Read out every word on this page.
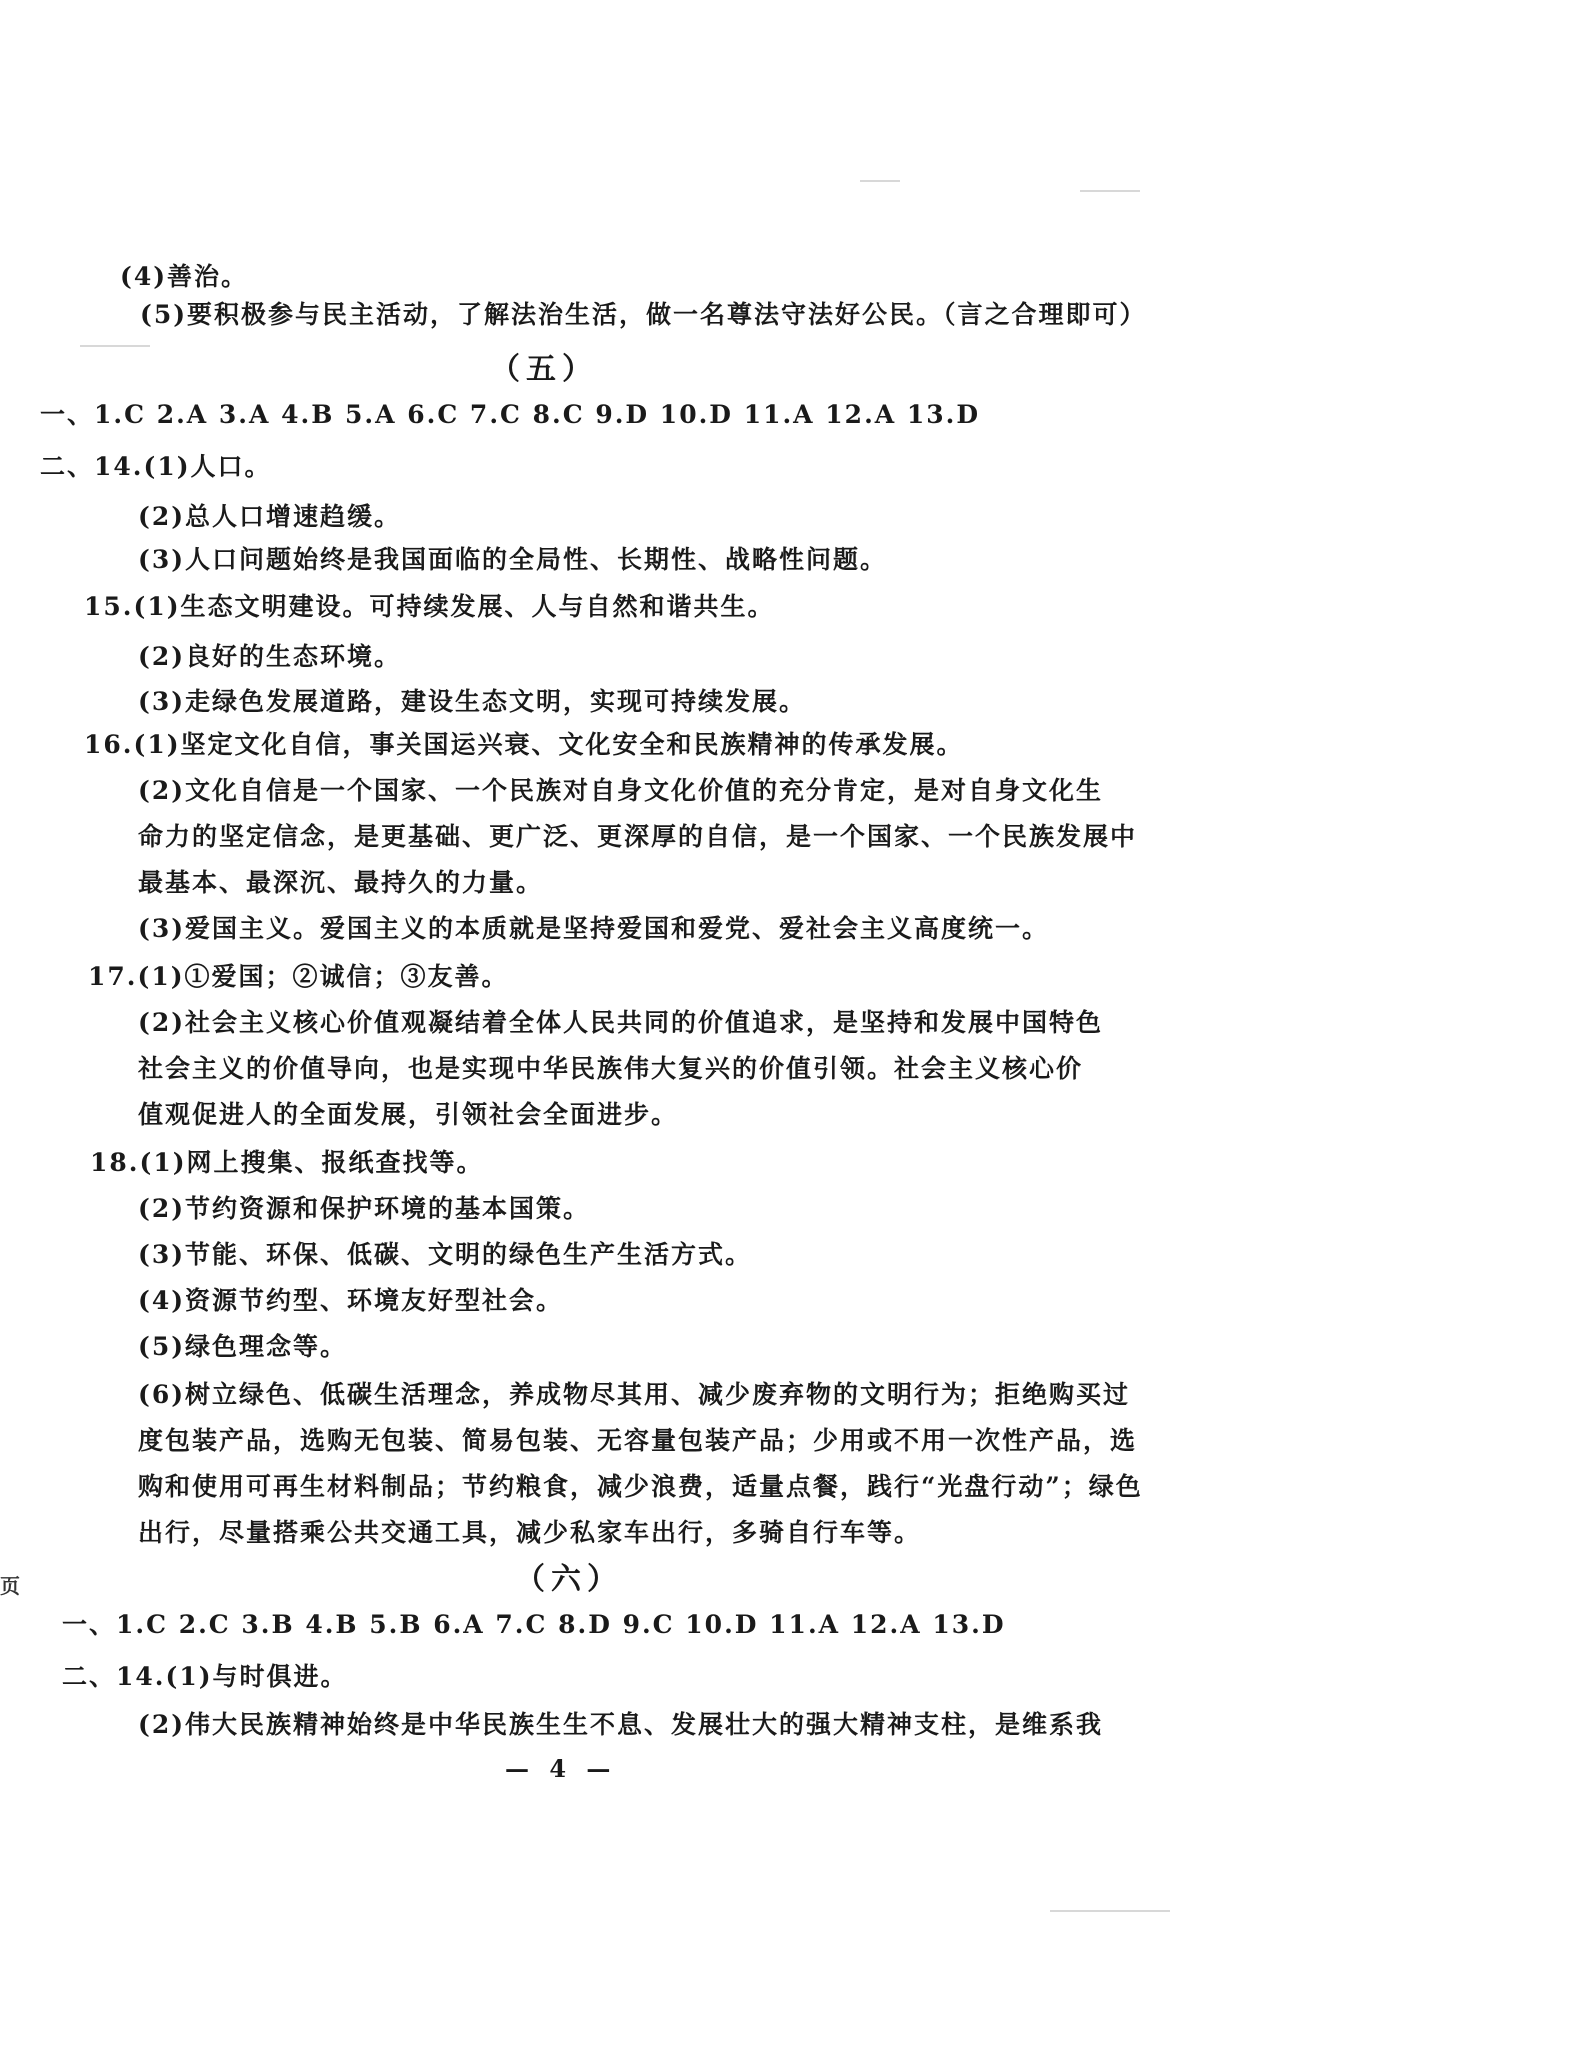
(4)善治。
(5)要积极参与民主活动，了解法治生活，做一名尊法守法好公民。（言之合理即可）
（五）
一、1.C 2.A 3.A 4.B 5.A 6.C 7.C 8.C 9.D 10.D 11.A 12.A 13.D
二、14.(1)人口。
(2)总人口增速趋缓。
(3)人口问题始终是我国面临的全局性、长期性、战略性问题。
15.(1)生态文明建设。可持续发展、人与自然和谐共生。
(2)良好的生态环境。
(3)走绿色发展道路，建设生态文明，实现可持续发展。
16.(1)坚定文化自信，事关国运兴衰、文化安全和民族精神的传承发展。
(2)文化自信是一个国家、一个民族对自身文化价值的充分肯定，是对自身文化生
命力的坚定信念，是更基础、更广泛、更深厚的自信，是一个国家、一个民族发展中
最基本、最深沉、最持久的力量。
(3)爱国主义。爱国主义的本质就是坚持爱国和爱党、爱社会主义高度统一。
17.(1)①爱国；②诚信；③友善。
(2)社会主义核心价值观凝结着全体人民共同的价值追求，是坚持和发展中国特色
社会主义的价值导向，也是实现中华民族伟大复兴的价值引领。社会主义核心价
值观促进人的全面发展，引领社会全面进步。
18.(1)网上搜集、报纸查找等。
(2)节约资源和保护环境的基本国策。
(3)节能、环保、低碳、文明的绿色生产生活方式。
(4)资源节约型、环境友好型社会。
(5)绿色理念等。
(6)树立绿色、低碳生活理念，养成物尽其用、减少废弃物的文明行为；拒绝购买过
度包装产品，选购无包装、简易包装、无容量包装产品；少用或不用一次性产品，选
购和使用可再生材料制品；节约粮食，减少浪费，适量点餐，践行“光盘行动”；绿色
出行，尽量搭乘公共交通工具，减少私家车出行，多骑自行车等。
（六）
一、1.C 2.C 3.B 4.B 5.B 6.A 7.C 8.D 9.C 10.D 11.A 12.A 13.D
二、14.(1)与时俱进。
(2)伟大民族精神始终是中华民族生生不息、发展壮大的强大精神支柱，是维系我
— 4 —
页
